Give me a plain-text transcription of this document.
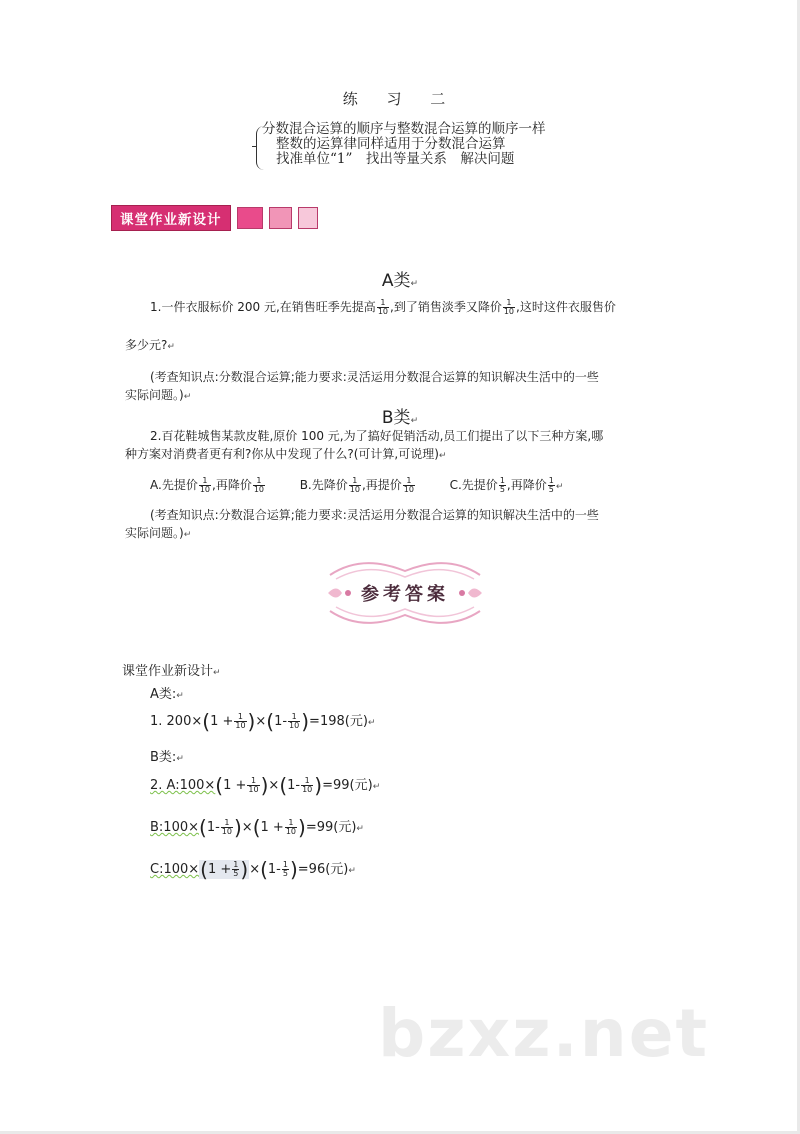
练 习 二
分数混合运算的顺序与整数混合运算的顺序一样
整数的运算律同样适用于分数混合运算
找准单位“1”　找出等量关系　解决问题
课堂作业新设计
A类↵
1.一件衣服标价 200 元,在销售旺季先提高 $\frac{1}{10}$ ,到了销售淡季又降价 $\frac{1}{10}$ ,这时这件衣服售价
多少元?↵
(考查知识点:分数混合运算;能力要求:灵活运用分数混合运算的知识解决生活中的一些
实际问题。)↵
B类↵
2.百花鞋城售某款皮鞋,原价 100 元,为了搞好促销活动,员工们提出了以下三种方案,哪
种方案对消费者更有利?你从中发现了什么?(可计算,可说理)↵
A.先提价 $\frac{1}{10}$ ,再降价 $\frac{1}{10}$	B.先降价 $\frac{1}{10}$ ,再提价 $\frac{1}{10}$	C.先提价 $\frac{1}{5}$ ,再降价 $\frac{1}{5}$ ↵
(考查知识点:分数混合运算;能力要求:灵活运用分数混合运算的知识解决生活中的一些
实际问题。)↵
参考答案
课堂作业新设计↵
A类:↵
1. $200\times(1 + \frac{1}{10} )\times(1- \frac{1}{10} )=198$(元)↵
B类:↵
2. A:100×(1 + $\frac{1}{10} )\times(1- \frac{1}{10} )=99$(元)↵
B:100×(1- $\frac{1}{10} )\times(1 + \frac{1}{10} )=99$(元)↵
C:100×(1 + $\frac{1}{5} )\times(1- \frac{1}{5} )=96$(元)↵
bzxz.net
